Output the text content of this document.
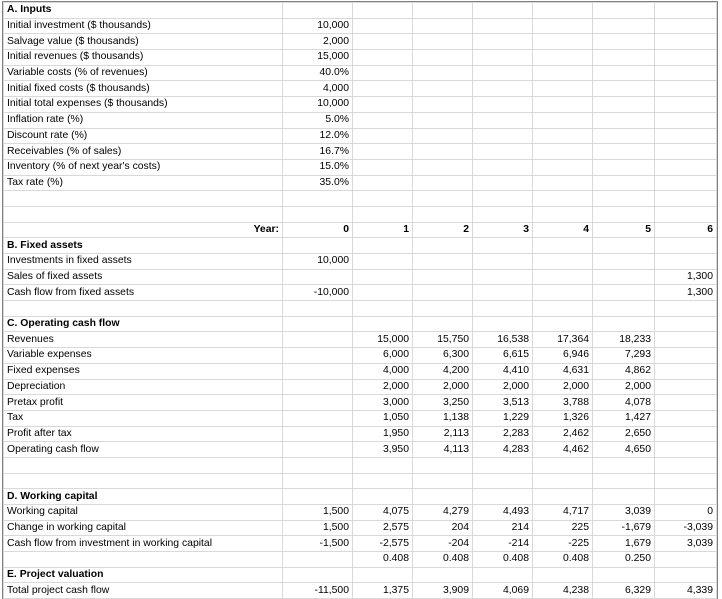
A. Inputs							
Initial investment ($ thousands)	10,000						
Salvage value ($ thousands)	2,000						
Initial revenues ($ thousands)	15,000						
Variable costs (% of revenues)	40.0%						
Initial fixed costs ($ thousands)	4,000						
Initial total expenses ($ thousands)	10,000						
Inflation rate (%)	5.0%						
Discount rate (%)	12.0%						
Receivables (% of sales)	16.7%						
Inventory (% of next year's costs)	15.0%						
Tax rate (%)	35.0%						

Year:	0	1	2	3	4	5	6
B. Fixed assets							
Investments in fixed assets	10,000						
Sales of fixed assets							1,300
Cash flow from fixed assets	-10,000						1,300

C. Operating cash flow							
Revenues		15,000	15,750	16,538	17,364	18,233	
Variable expenses		6,000	6,300	6,615	6,946	7,293	
Fixed expenses		4,000	4,200	4,410	4,631	4,862	
Depreciation		2,000	2,000	2,000	2,000	2,000	
Pretax profit		3,000	3,250	3,513	3,788	4,078	
Tax		1,050	1,138	1,229	1,326	1,427	
Profit after tax		1,950	2,113	2,283	2,462	2,650	
Operating cash flow		3,950	4,113	4,283	4,462	4,650	

D. Working capital							
Working capital	1,500	4,075	4,279	4,493	4,717	3,039	0
Change in working capital	1,500	2,575	204	214	225	-1,679	-3,039
Cash flow from investment in working capital	-1,500	-2,575	-204	-214	-225	1,679	3,039
		0.408	0.408	0.408	0.408	0.250	
E. Project valuation							
Total project cash flow	-11,500	1,375	3,909	4,069	4,238	6,329	4,339
